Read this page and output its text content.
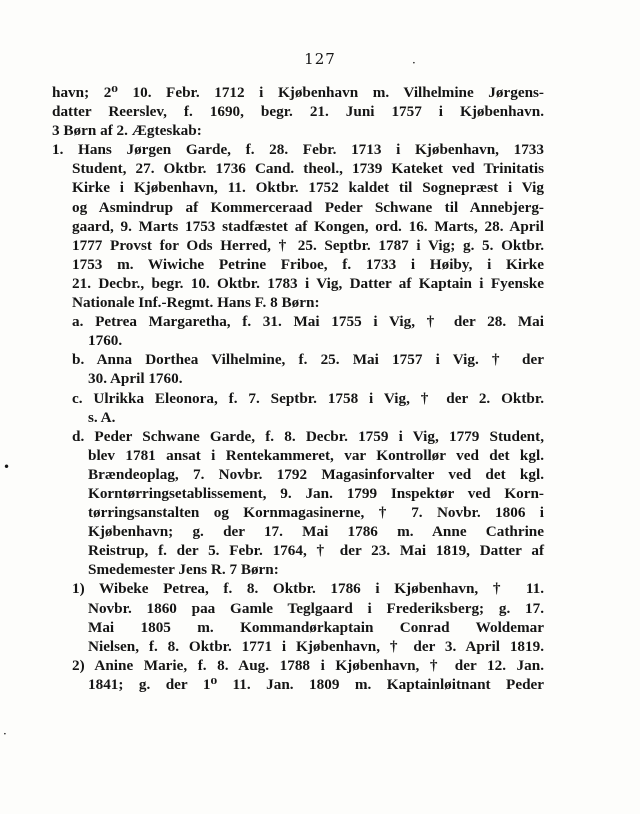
127
•
·
·
havn; 2⁰ 10. Febr. 1712 i Kjøbenhavn m. Vilhelmine Jørgens-
datter Reerslev, f. 1690, begr. 21. Juni 1757 i Kjøbenhavn.
3 Børn af 2. Ægteskab:
1. Hans Jørgen Garde, f. 28. Febr. 1713 i Kjøbenhavn, 1733
Student, 27. Oktbr. 1736 Cand. theol., 1739 Kateket ved Trinitatis
Kirke i Kjøbenhavn, 11. Oktbr. 1752 kaldet til Sognepræst i Vig
og Asmindrup af Kommerceraad Peder Schwane til Annebjerg-
gaard, 9. Marts 1753 stadfæstet af Kongen, ord. 16. Marts, 28. April
1777 Provst for Ods Herred, † 25. Septbr. 1787 i Vig; g. 5. Oktbr.
1753 m. Wiwiche Petrine Friboe, f. 1733 i Høiby, i Kirke
21. Decbr., begr. 10. Oktbr. 1783 i Vig, Datter af Kaptain i Fyenske
Nationale Inf.-Regmt. Hans F. 8 Børn:
a. Petrea Margaretha, f. 31. Mai 1755 i Vig, † der 28. Mai
1760.
b. Anna Dorthea Vilhelmine, f. 25. Mai 1757 i Vig. † der
30. April 1760.
c. Ulrikka Eleonora, f. 7. Septbr. 1758 i Vig, † der 2. Oktbr.
s. A.
d. Peder Schwane Garde, f. 8. Decbr. 1759 i Vig, 1779 Student,
blev 1781 ansat i Rentekammeret, var Kontrollør ved det kgl.
Brændeoplag, 7. Novbr. 1792 Magasinforvalter ved det kgl.
Korntørringsetablissement, 9. Jan. 1799 Inspektør ved Korn-
tørringsanstalten og Kornmagasinerne, † 7. Novbr. 1806 i
Kjøbenhavn; g. der 17. Mai 1786 m. Anne Cathrine
Reistrup, f. der 5. Febr. 1764, † der 23. Mai 1819, Datter af
Smedemester Jens R. 7 Børn:
1) Wibeke Petrea, f. 8. Oktbr. 1786 i Kjøbenhavn, † 11.
Novbr. 1860 paa Gamle Teglgaard i Frederiksberg; g. 17.
Mai 1805 m. Kommandørkaptain Conrad Woldemar
Nielsen, f. 8. Oktbr. 1771 i Kjøbenhavn, † der 3. April 1819.
2) Anine Marie, f. 8. Aug. 1788 i Kjøbenhavn, † der 12. Jan.
1841; g. der 1⁰ 11. Jan. 1809 m. Kaptainløitnant Peder
